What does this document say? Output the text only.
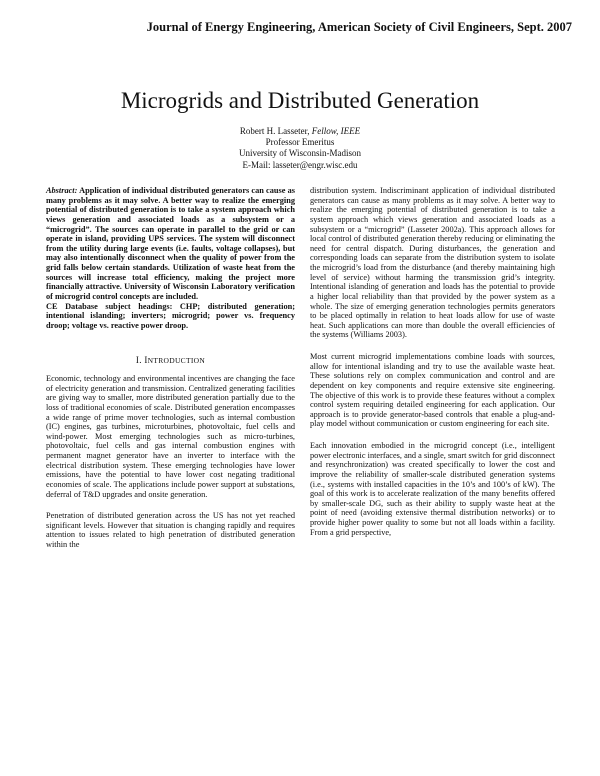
Journal of Energy Engineering, American Society of Civil Engineers, Sept. 2007
Microgrids and Distributed Generation
Robert H. Lasseter, Fellow, IEEE
Professor Emeritus
University of Wisconsin-Madison
E-Mail: lasseter@engr.wisc.edu

Abstract: Application of individual distributed generators can cause as many problems as it may solve. A better way to realize the emerging potential of distributed generation is to take a system approach which views generation and associated loads as a subsystem or a “microgrid”. The sources can operate in parallel to the grid or can operate in island, providing UPS services. The system will disconnect from the utility during large events (i.e. faults, voltage collapses), but may also intentionally disconnect when the quality of power from the grid falls below certain standards. Utilization of waste heat from the sources will increase total efficiency, making the project more financially attractive. University of Wisconsin Laboratory verification of microgrid control concepts are included.

CE Database subject headings: CHP; distributed generation; intentional islanding; inverters; microgrid; power vs. frequency droop; voltage vs. reactive power droop.

I. INTRODUCTION

Economic, technology and environmental incentives are changing the face of electricity generation and transmission. Centralized generating facilities are giving way to smaller, more distributed generation partially due to the loss of traditional economies of scale. Distributed generation encompasses a wide range of prime mover technologies, such as internal combustion (IC) engines, gas turbines, microturbines, photovoltaic, fuel cells and wind-power. Most emerging technologies such as micro-turbines, photovoltaic, fuel cells and gas internal combustion engines with permanent magnet generator have an inverter to interface with the electrical distribution system. These emerging technologies have lower emissions, have the potential to have lower cost negating traditional economies of scale. The applications include power support at substations, deferral of T&D upgrades and onsite generation.

Penetration of distributed generation across the US has not yet reached significant levels. However that situation is changing rapidly and requires attention to issues related to high penetration of distributed generation within the

distribution system. Indiscriminant application of individual distributed generators can cause as many problems as it may solve. A better way to realize the emerging potential of distributed generation is to take a system approach which views generation and associated loads as a subsystem or a “microgrid” (Lasseter 2002a). This approach allows for local control of distributed generation thereby reducing or eliminating the need for central dispatch. During disturbances, the generation and corresponding loads can separate from the distribution system to isolate the microgrid’s load from the disturbance (and thereby maintaining high level of service) without harming the transmission grid’s integrity. Intentional islanding of generation and loads has the potential to provide a higher local reliability than that provided by the power system as a whole. The size of emerging generation technologies permits generators to be placed optimally in relation to heat loads allow for use of waste heat. Such applications can more than double the overall efficiencies of the systems (Williams 2003).

Most current microgrid implementations combine loads with sources, allow for intentional islanding and try to use the available waste heat. These solutions rely on complex communication and control and are dependent on key components and require extensive site engineering. The objective of this work is to provide these features without a complex control system requiring detailed engineering for each application. Our approach is to provide generator-based controls that enable a plug-and-play model without communication or custom engineering for each site.

Each innovation embodied in the microgrid concept (i.e., intelligent power electronic interfaces, and a single, smart switch for grid disconnect and resynchronization) was created specifically to lower the cost and improve the reliability of smaller-scale distributed generation systems (i.e., systems with installed capacities in the 10’s and 100’s of kW). The goal of this work is to accelerate realization of the many benefits offered by smaller-scale DG, such as their ability to supply waste heat at the point of need (avoiding extensive thermal distribution networks) or to provide higher power quality to some but not all loads within a facility. From a grid perspective,
